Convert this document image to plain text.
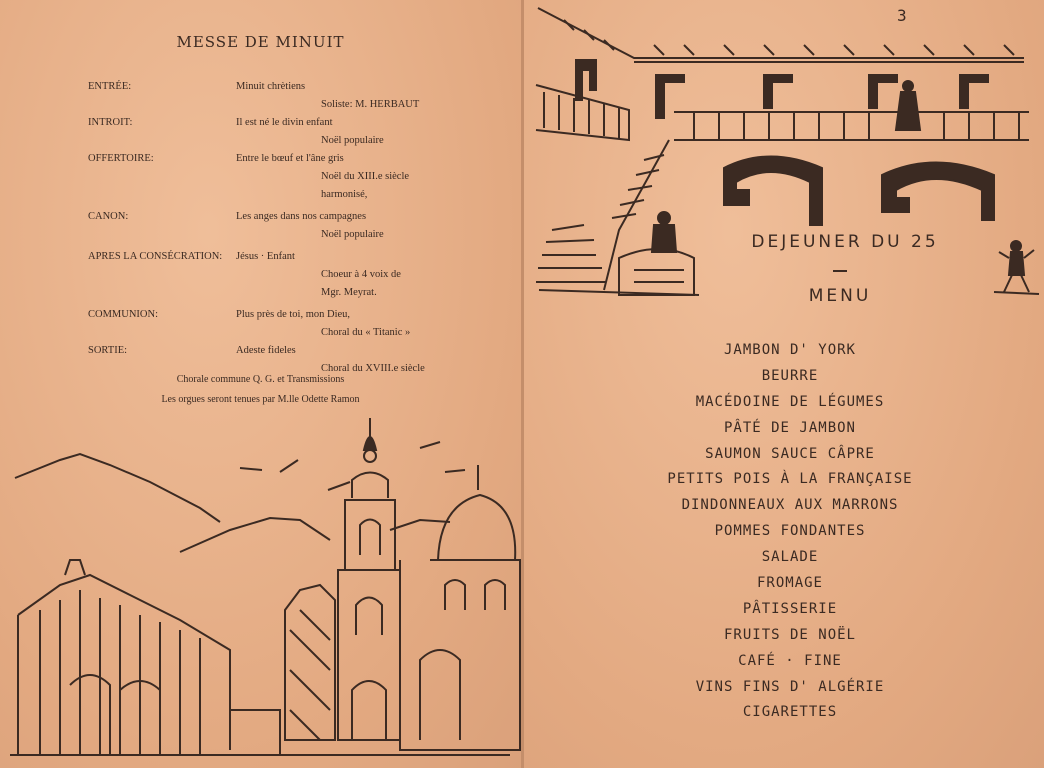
MESSE DE MINUIT
ENTRÉE:	Minuit chrètiens
Soliste: M. HERBAUT
INTROIT:	Il est né le divin enfant
Noël populaire
OFFERTOIRE:	Entre le bœuf et l'âne gris
Noël du XIII.e siècle
harmonisé,
CANON:	Les anges dans nos campagnes
Noël populaire
APRES LA CONSÉCRATION: Jésus · Enfant
Choeur à 4 voix de
Mgr. Meyrat.
COMMUNION:	Plus près de toi, mon Dieu,
Choral du « Titanic »
SORTIE:	Adeste fideles
Choral du XVIII.e siècle
Chorale commune Q. G. et Transmissions
Les orgues seront tenues par M.lle Odette Ramon
3
DEJEUNER DU 25
MENU
JAMBON D' YORK
BEURRE
MACÉDOINE DE LÉGUMES
PÂTÉ DE JAMBON
SAUMON SAUCE CÂPRE
PETITS POIS À LA FRANÇAISE
DINDONNEAUX AUX MARRONS
POMMES FONDANTES
SALADE
FROMAGE
PÂTISSERIE
FRUITS DE NOËL
CAFÉ · FINE
VINS FINS D' ALGÉRIE
CIGARETTES
